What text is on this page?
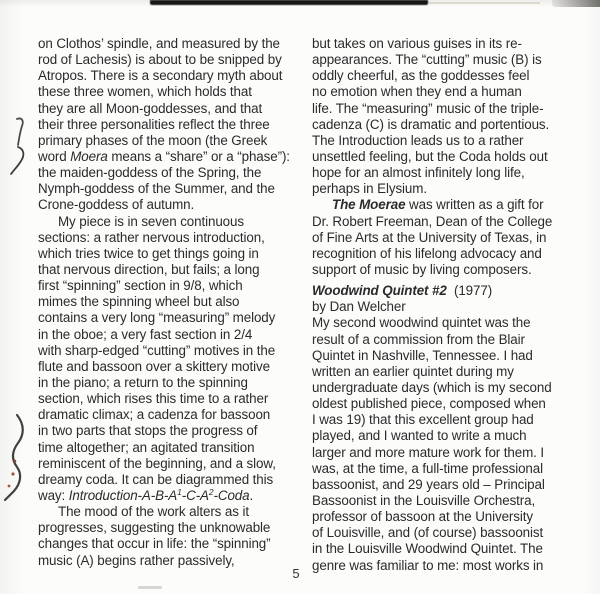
on Clothos’ spindle, and measured by the
rod of Lachesis) is about to be snipped by
Atropos. There is a secondary myth about
these three women, which holds that
they are all Moon-goddesses, and that
their three personalities reflect the three
primary phases of the moon (the Greek
word Moera means a “share” or a “phase”):
the maiden-goddess of the Spring, the
Nymph-goddess of the Summer, and the
Crone-goddess of autumn.
My piece is in seven continuous
sections: a rather nervous introduction,
which tries twice to get things going in
that nervous direction, but fails; a long
first “spinning” section in 9/8, which
mimes the spinning wheel but also
contains a very long “measuring” melody
in the oboe; a very fast section in 2/4
with sharp-edged “cutting” motives in the
flute and bassoon over a skittery motive
in the piano; a return to the spinning
section, which rises this time to a rather
dramatic climax; a cadenza for bassoon
in two parts that stops the progress of
time altogether; an agitated transition
reminiscent of the beginning, and a slow,
dreamy coda. It can be diagrammed this
way: Introduction-$A-B-A^1-C-A^2$-Coda.
The mood of the work alters as it
progresses, suggesting the unknowable
changes that occur in life: the “spinning”
music (A) begins rather passively,
but takes on various guises in its re-
appearances. The “cutting” music (B) is
oddly cheerful, as the goddesses feel
no emotion when they end a human
life. The “measuring” music of the triple-
cadenza (C) is dramatic and portentious.
The Introduction leads us to a rather
unsettled feeling, but the Coda holds out
hope for an almost infinitely long life,
perhaps in Elysium.
The Moerae was written as a gift for
Dr. Robert Freeman, Dean of the College
of Fine Arts at the University of Texas, in
recognition of his lifelong advocacy and
support of music by living composers.
Woodwind Quintet #2  (1977)
by Dan Welcher
My second woodwind quintet was the
result of a commission from the Blair
Quintet in Nashville, Tennessee. I had
written an earlier quintet during my
undergraduate days (which is my second
oldest published piece, composed when
I was 19) that this excellent group had
played, and I wanted to write a much
larger and more mature work for them. I
was, at the time, a full-time professional
bassoonist, and 29 years old – Principal
Bassoonist in the Louisville Orchestra,
professor of bassoon at the University
of Louisville, and (of course) bassoonist
in the Louisville Woodwind Quintet. The
genre was familiar to me: most works in
5
